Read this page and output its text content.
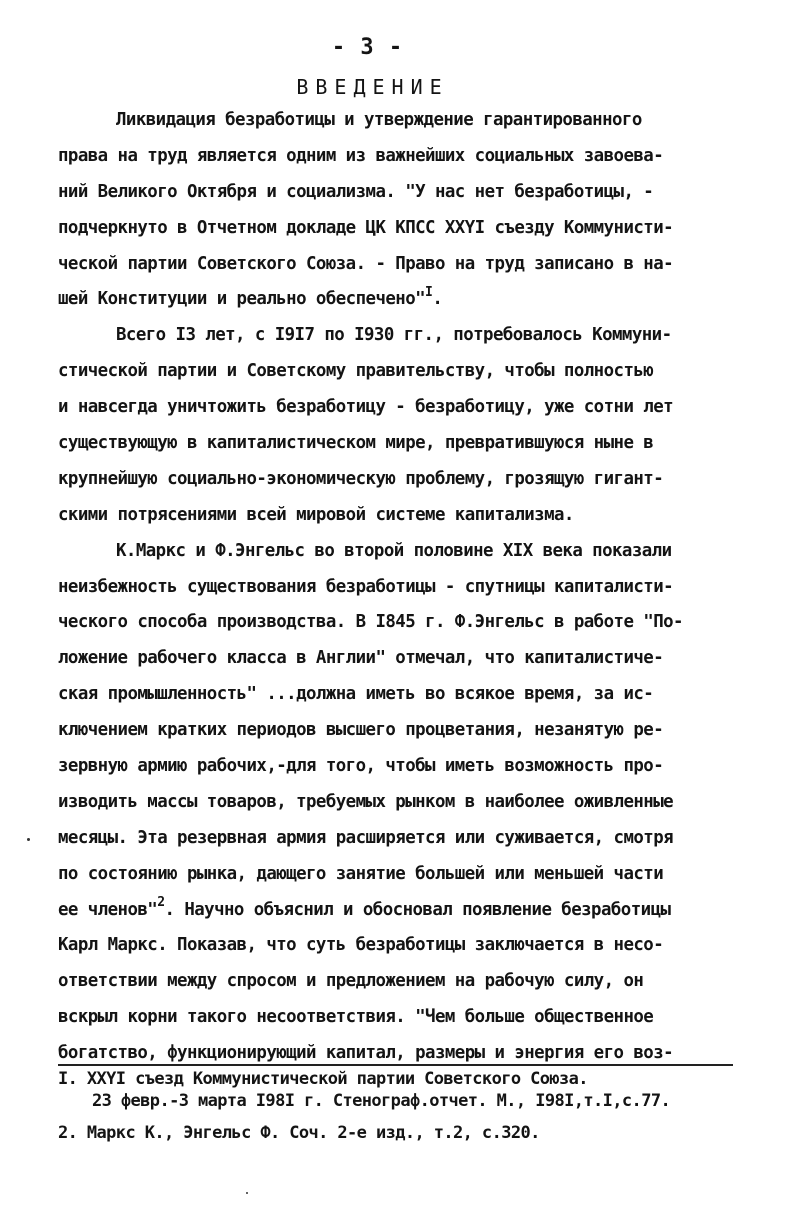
- 3 -
ВВЕДЕНИЕ
Ликвидация безработицы и утверждение гарантированного
права на труд является одним из важнейших социальных завоева-
ний Великого Октября и социализма. "У нас нет безработицы, -
подчеркнуто в Отчетном докладе ЦК КПСС XXYI съезду Коммунисти-
ческой партии Советского Союза. - Право на труд записано в на-
шей Конституции и реально обеспечено"$^I$.
Всего I3 лет, с I9I7 по I930 гг., потребовалось Коммуни-
стической партии и Советскому правительству, чтобы полностью
и навсегда уничтожить безработицу - безработицу, уже сотни лет
существующую в капиталистическом мире, превратившуюся ныне в
крупнейшую социально-экономическую проблему, грозящую гигант-
скими потрясениями всей мировой системе капитализма.
К.Маркс и Ф.Энгельс во второй половине XIX века показали
неизбежность существования безработицы - спутницы капиталисти-
ческого способа производства. В I845 г. Ф.Энгельс в работе "По-
ложение рабочего класса в Англии" отмечал, что капиталистиче-
ская промышленность" ...должна иметь во всякое время, за ис-
ключением кратких периодов высшего процветания, незанятую ре-
зервную армию рабочих,-для того, чтобы иметь возможность про-
изводить массы товаров, требуемых рынком в наиболее оживленные
месяцы. Эта резервная армия расширяется или суживается, смотря
по состоянию рынка, дающего занятие большей или меньшей части
ее членов"$^2$. Научно объяснил и обосновал появление безработицы
Карл Маркс. Показав, что суть безработицы заключается в несо-
ответствии между спросом и предложением на рабочую силу, он
вскрыл корни такого несоответствия. "Чем больше общественное
богатство, функционирующий капитал, размеры и энергия его воз-
I. XXYI съезд Коммунистической партии Советского Союза.
23 февр.-3 марта I98I г. Стенограф.отчет. М., I98I,т.I,с.77.
2. Маркс К., Энгельс Ф. Соч. 2-е изд., т.2, с.320.
